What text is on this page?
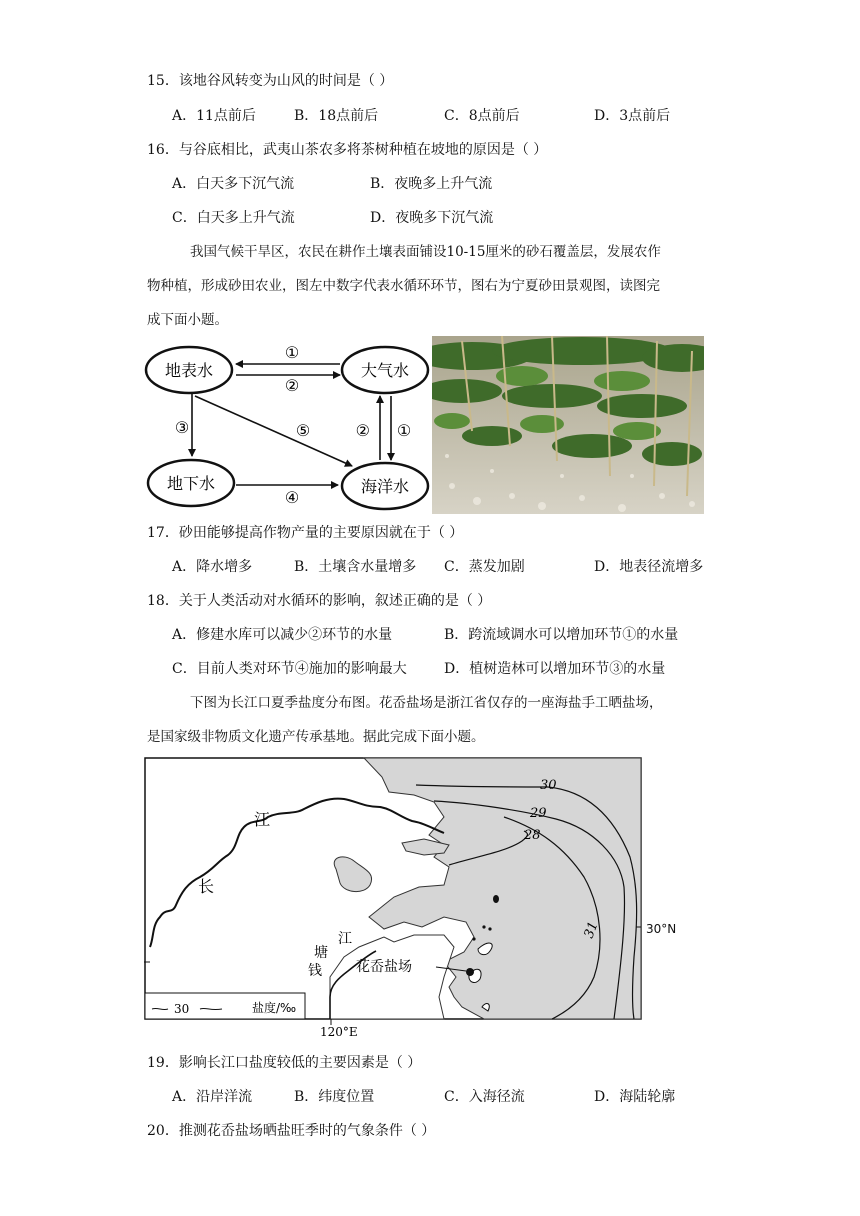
15．该地谷风转变为山风的时间是（ ）
A．11点前后	B．18点前后	C．8点前后	D．3点前后
16．与谷底相比，武夷山茶农多将茶树种植在坡地的原因是（ ）
A．白天多下沉气流	B．夜晚多上升气流
C．白天多上升气流	D．夜晚多下沉气流
我国气候干旱区，农民在耕作土壤表面铺设10-15厘米的砂石覆盖层，发展农作
物种植，形成砂田农业，图左中数字代表水循环环节，图右为宁夏砂田景观图，读图完
成下面小题。
地表水	大气水
地下水	海洋水
①
②
③	⑤	② ①
④
17．砂田能够提高作物产量的主要原因就在于（ ）
A．降水增多	B．土壤含水量增多 C．蒸发加剧	D．地表径流增多
18．关于人类活动对水循环的影响，叙述正确的是（ ）
A．修建水库可以减少②环节的水量	B．跨流域调水可以增加环节①的水量
C．目前人类对环节④施加的影响最大	D．植树造林可以增加环节③的水量
下图为长江口夏季盐度分布图。花岙盐场是浙江省仅存的一座海盐手工晒盐场，
是国家级非物质文化遗产传承基地。据此完成下面小题。
28
29
30
31
长
江
钱
塘
江
花岙盐场
30	盐度/‰
120°E
30°N
19．影响长江口盐度较低的主要因素是（ ）
A．沿岸洋流	B．纬度位置	C．入海径流	D．海陆轮廓
20．推测花岙盐场晒盐旺季时的气象条件（ ）
